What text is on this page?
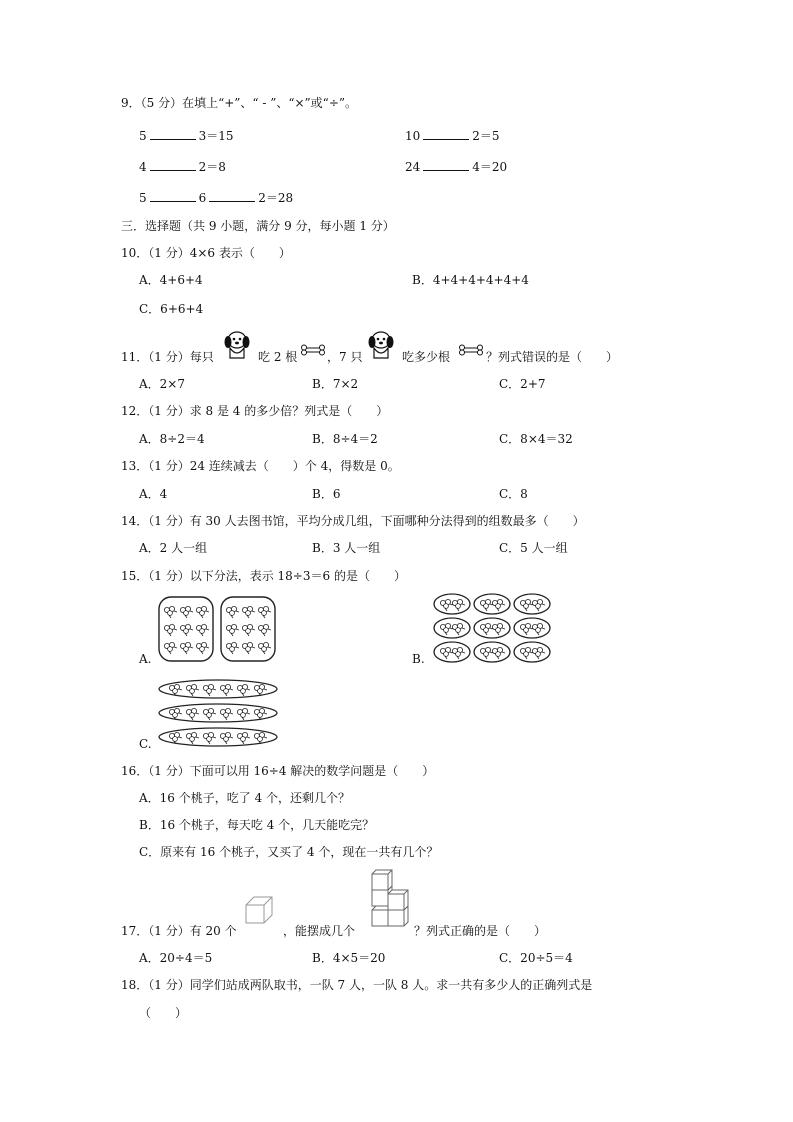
9．（5 分）在填上“+”、“ - ”、“×”或“÷”。
5	3＝15	10	2＝5
4	2＝8	24	4＝20
5	6	2＝28
三．选择题（共 9 小题，满分 9 分，每小题 1 分）
10．（1 分）4×6 表示（　　）
A．4+6+4	B．4+4+4+4+4+4
C．6+6+4
11．（1 分）每只	吃 2 根 ，7 只	吃多少根	？列式错误的是（　　）
A．2×7	B．7×2	C．2+7
12．（1 分）求 8 是 4 的多少倍？列式是（　　）
A．8÷2＝4	B．8÷4＝2	C．8×4＝32
13．（1 分）24 连续减去（　　）个 4，得数是 0。
A．4	B．6	C．8
14．（1 分）有 30 人去图书馆，平均分成几组，下面哪种分法得到的组数最多（　　）
A．2 人一组	B．3 人一组	C．5 人一组
15．（1 分）以下分法，表示 18÷3＝6 的是（　　）
A.	B.
C.
16．（1 分）下面可以用 16÷4 解决的数学问题是（　　）
A．16 个桃子，吃了 4 个，还剩几个？
B．16 个桃子，每天吃 4 个，几天能吃完？
C．原来有 16 个桃子，又买了 4 个，现在一共有几个？
17．（1 分）有 20 个	，能摆成几个	？列式正确的是（　　）
A．20÷4＝5	B．4×5＝20	C．20÷5＝4
18．（1 分）同学们站成两队取书，一队 7 人，一队 8 人。求一共有多少人的正确列式是
（　　）
